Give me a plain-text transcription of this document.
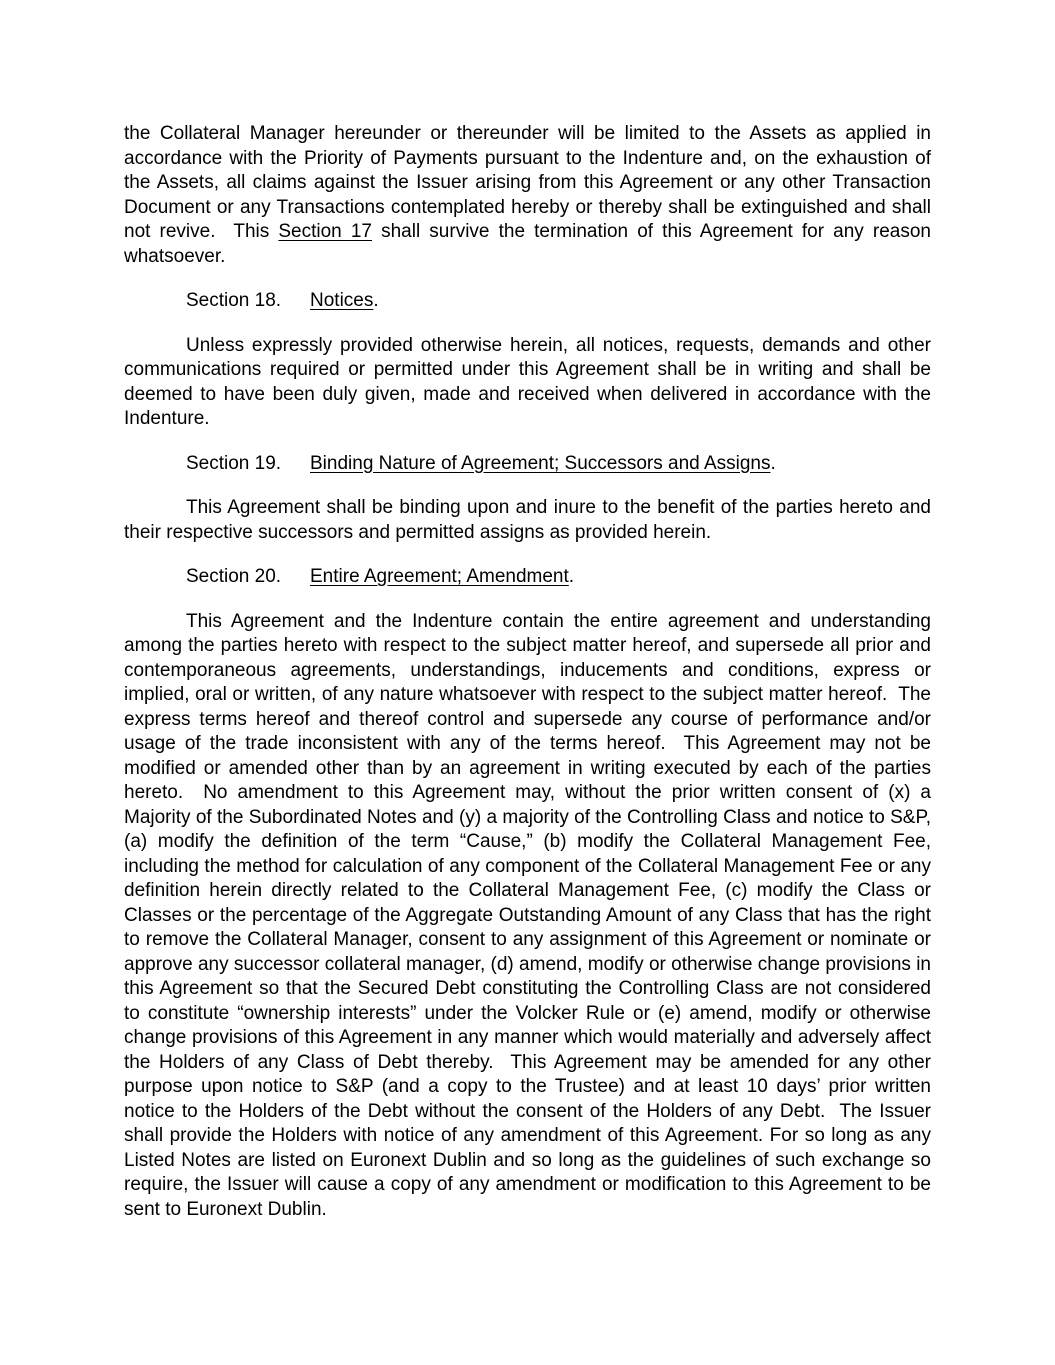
the Collateral Manager hereunder or thereunder will be limited to the Assets as applied in accordance with the Priority of Payments pursuant to the Indenture and, on the exhaustion of the Assets, all claims against the Issuer arising from this Agreement or any other Transaction Document or any Transactions contemplated hereby or thereby shall be extinguished and shall not revive.  This Section 17 shall survive the termination of this Agreement for any reason whatsoever.

Section 18. Notices.

Unless expressly provided otherwise herein, all notices, requests, demands and other communications required or permitted under this Agreement shall be in writing and shall be deemed to have been duly given, made and received when delivered in accordance with the Indenture.

Section 19. Binding Nature of Agreement; Successors and Assigns.

This Agreement shall be binding upon and inure to the benefit of the parties hereto and their respective successors and permitted assigns as provided herein.

Section 20. Entire Agreement; Amendment.

This Agreement and the Indenture contain the entire agreement and understanding among the parties hereto with respect to the subject matter hereof, and supersede all prior and contemporaneous agreements, understandings, inducements and conditions, express or implied, oral or written, of any nature whatsoever with respect to the subject matter hereof.  The express terms hereof and thereof control and supersede any course of performance and/or usage of the trade inconsistent with any of the terms hereof.  This Agreement may not be modified or amended other than by an agreement in writing executed by each of the parties hereto.  No amendment to this Agreement may, without the prior written consent of (x) a Majority of the Subordinated Notes and (y) a majority of the Controlling Class and notice to S&P, (a) modify the definition of the term “Cause,” (b) modify the Collateral Management Fee, including the method for calculation of any component of the Collateral Management Fee or any definition herein directly related to the Collateral Management Fee, (c) modify the Class or Classes or the percentage of the Aggregate Outstanding Amount of any Class that has the right to remove the Collateral Manager, consent to any assignment of this Agreement or nominate or approve any successor collateral manager, (d) amend, modify or otherwise change provisions in this Agreement so that the Secured Debt constituting the Controlling Class are not considered to constitute “ownership interests” under the Volcker Rule or (e) amend, modify or otherwise change provisions of this Agreement in any manner which would materially and adversely affect the Holders of any Class of Debt thereby.  This Agreement may be amended for any other purpose upon notice to S&P (and a copy to the Trustee) and at least 10 days’ prior written notice to the Holders of the Debt without the consent of the Holders of any Debt.  The Issuer shall provide the Holders with notice of any amendment of this Agreement. For so long as any Listed Notes are listed on Euronext Dublin and so long as the guidelines of such exchange so require, the Issuer will cause a copy of any amendment or modification to this Agreement to be sent to Euronext Dublin.
